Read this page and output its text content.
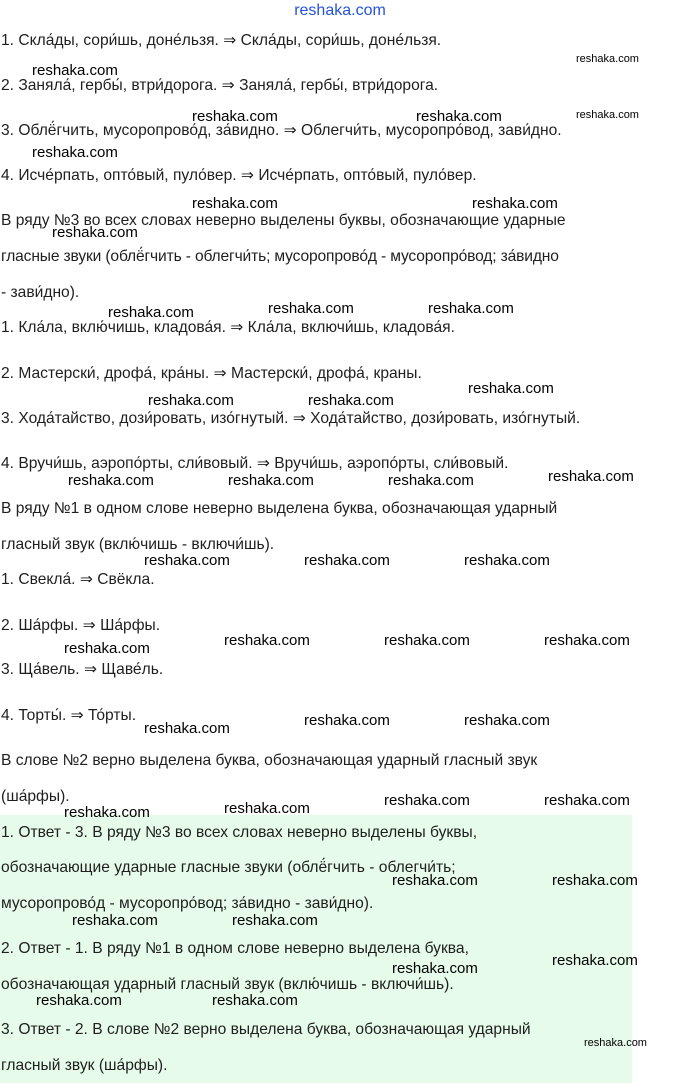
reshaka.com
1. Скла́ды, сори́шь, доне́льзя. ⇒ Скла́ды, сори́шь, доне́льзя.
2. Заняла́, гербы́, втри́дорога. ⇒ Заняла́, гербы́, втри́дорога.
3. Облё́гчить, мусоропрово́д, за́видно. ⇒ Облегчи́ть, мусоропро́вод, зави́дно.
4. Исче́рпать, опто́вый, пуло́вер. ⇒ Исче́рпать, опто́вый, пуло́вер.
В ряду №3 во всех словах неверно выделены буквы, обозначающие ударные
гласные звуки (облё́гчить - облегчи́ть; мусоропрово́д - мусоропро́вод; за́видно
- зави́дно).
1. Кла́ла, вклю́чишь, кладова́я. ⇒ Кла́ла, включи́шь, кладова́я.
2. Мастерски́, дрофа́, кра́ны. ⇒ Мастерски́, дрофа́, краны.
3. Хода́тайство, дози́ровать, изо́гнутый. ⇒ Хода́тайство, дози́ровать, изо́гнутый.
4. Вручи́шь, аэропо́рты, сли́вовый. ⇒ Вручи́шь, аэропо́рты, сли́вовый.
В ряду №1 в одном слове неверно выделена буква, обозначающая ударный
гласный звук (вклю́чишь - включи́шь).
1. Свекла́. ⇒ Свёкла.
2. Ша́рфы. ⇒ Ша́рфы.
3. Ща́вель. ⇒ Щаве́ль.
4. Торты́. ⇒ То́рты.
В слове №2 верно выделена буква, обозначающая ударный гласный звук
(ша́рфы).
1. Ответ - 3. В ряду №3 во всех словах неверно выделены буквы,
обозначающие ударные гласные звуки (облё́гчить - облегчи́ть;
мусоропрово́д - мусоропро́вод; за́видно - зави́дно).
2. Ответ - 1. В ряду №1 в одном слове неверно выделена буква,
обозначающая ударный гласный звук (вклю́чишь - включи́шь).
3. Ответ - 2. В слове №2 верно выделена буква, обозначающая ударный
гласный звук (ша́рфы).
reshaka.com
reshaka.com
reshaka.com	reshaka.com	reshaka.com
reshaka.com
reshaka.com	reshaka.com
reshaka.com
reshaka.com	reshaka.com
reshaka.com
reshaka.com
reshaka.com	reshaka.com
reshaka.com
reshaka.com	reshaka.com	reshaka.com
reshaka.com	reshaka.com	reshaka.com
reshaka.com	reshaka.com	reshaka.com
reshaka.com
reshaka.com	reshaka.com
reshaka.com
reshaka.com	reshaka.com
reshaka.com
reshaka.com
reshaka.com	reshaka.com
reshaka.com	reshaka.com
reshaka.com
reshaka.com
reshaka.com	reshaka.com
reshaka.com
